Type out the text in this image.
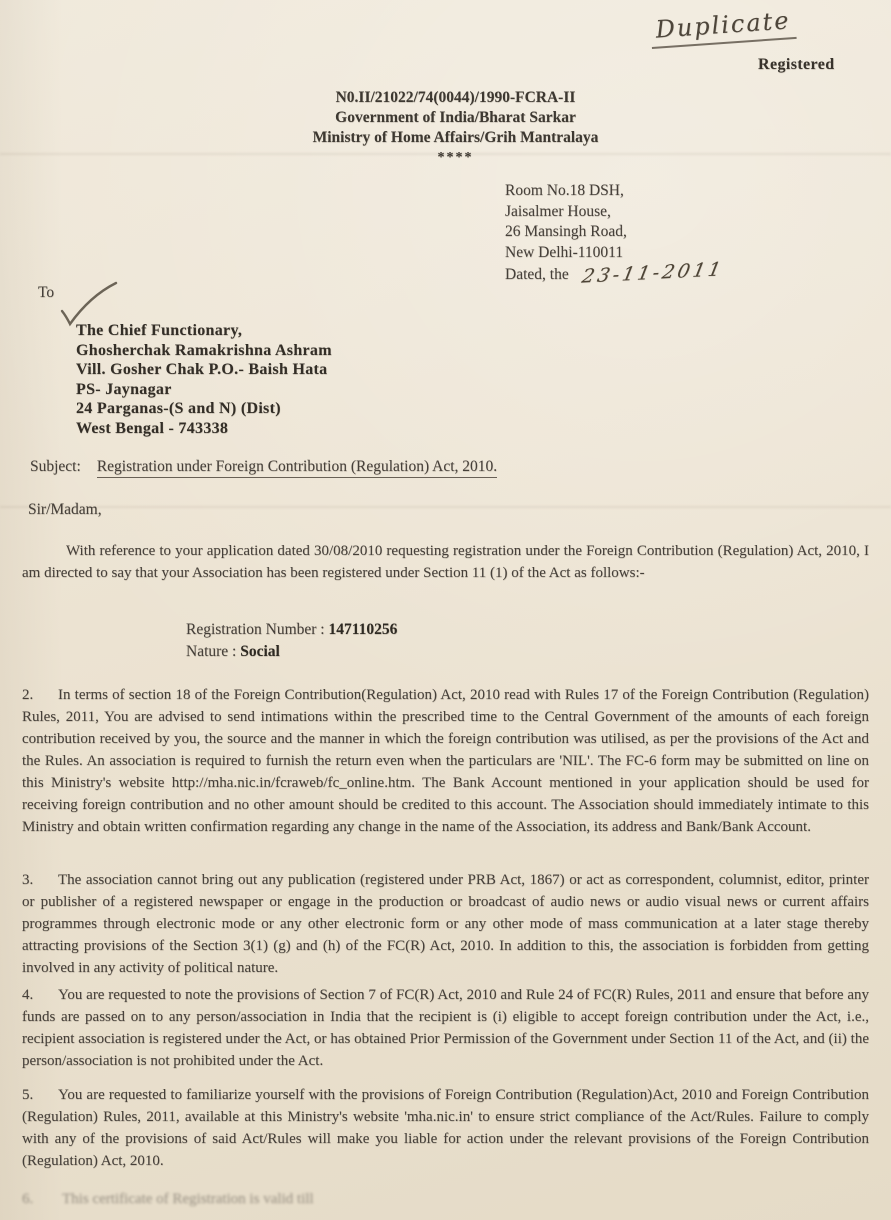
Duplicate
Registered
N0.II/21022/74(0044)/1990-FCRA-II
Government of India/Bharat Sarkar
Ministry of Home Affairs/Grih Mantralaya
****
Room No.18 DSH,
Jaisalmer House,
26 Mansingh Road,
New Delhi-110011
Dated, the 23-11-2011
To
The Chief Functionary,
Ghosherchak Ramakrishna Ashram
Vill. Gosher Chak P.O.- Baish Hata
PS- Jaynagar
24 Parganas-(S and N) (Dist)
West Bengal - 743338
Subject: Registration under Foreign Contribution (Regulation) Act, 2010.
Sir/Madam,

With reference to your application dated 30/08/2010 requesting registration under the Foreign Contribution (Regulation) Act, 2010, I am directed to say that your Association has been registered under Section 11 (1) of the Act as follows:-

Registration Number : 147110256
Nature : Social

2. In terms of section 18 of the Foreign Contribution(Regulation) Act, 2010 read with Rules 17 of the Foreign Contribution (Regulation) Rules, 2011, You are advised to send intimations within the prescribed time to the Central Government of the amounts of each foreign contribution received by you, the source and the manner in which the foreign contribution was utilised, as per the provisions of the Act and the Rules. An association is required to furnish the return even when the particulars are 'NIL'. The FC-6 form may be submitted on line on this Ministry's website http://mha.nic.in/fcraweb/fc_online.htm. The Bank Account mentioned in your application should be used for receiving foreign contribution and no other amount should be credited to this account. The Association should immediately intimate to this Ministry and obtain written confirmation regarding any change in the name of the Association, its address and Bank/Bank Account.

3. The association cannot bring out any publication (registered under PRB Act, 1867) or act as correspondent, columnist, editor, printer or publisher of a registered newspaper or engage in the production or broadcast of audio news or audio visual news or current affairs programmes through electronic mode or any other electronic form or any other mode of mass communication at a later stage thereby attracting provisions of the Section 3(1) (g) and (h) of the FC(R) Act, 2010. In addition to this, the association is forbidden from getting involved in any activity of political nature.

4. You are requested to note the provisions of Section 7 of FC(R) Act, 2010 and Rule 24 of FC(R) Rules, 2011 and ensure that before any funds are passed on to any person/association in India that the recipient is (i) eligible to accept foreign contribution under the Act, i.e., recipient association is registered under the Act, or has obtained Prior Permission of the Government under Section 11 of the Act, and (ii) the person/association is not prohibited under the Act.

5. You are requested to familiarize yourself with the provisions of Foreign Contribution (Regulation)Act, 2010 and Foreign Contribution (Regulation) Rules, 2011, available at this Ministry's website 'mha.nic.in' to ensure strict compliance of the Act/Rules. Failure to comply with any of the provisions of said Act/Rules will make you liable for action under the relevant provisions of the Foreign Contribution (Regulation) Act, 2010.

6. This certificate of Registration is valid till
